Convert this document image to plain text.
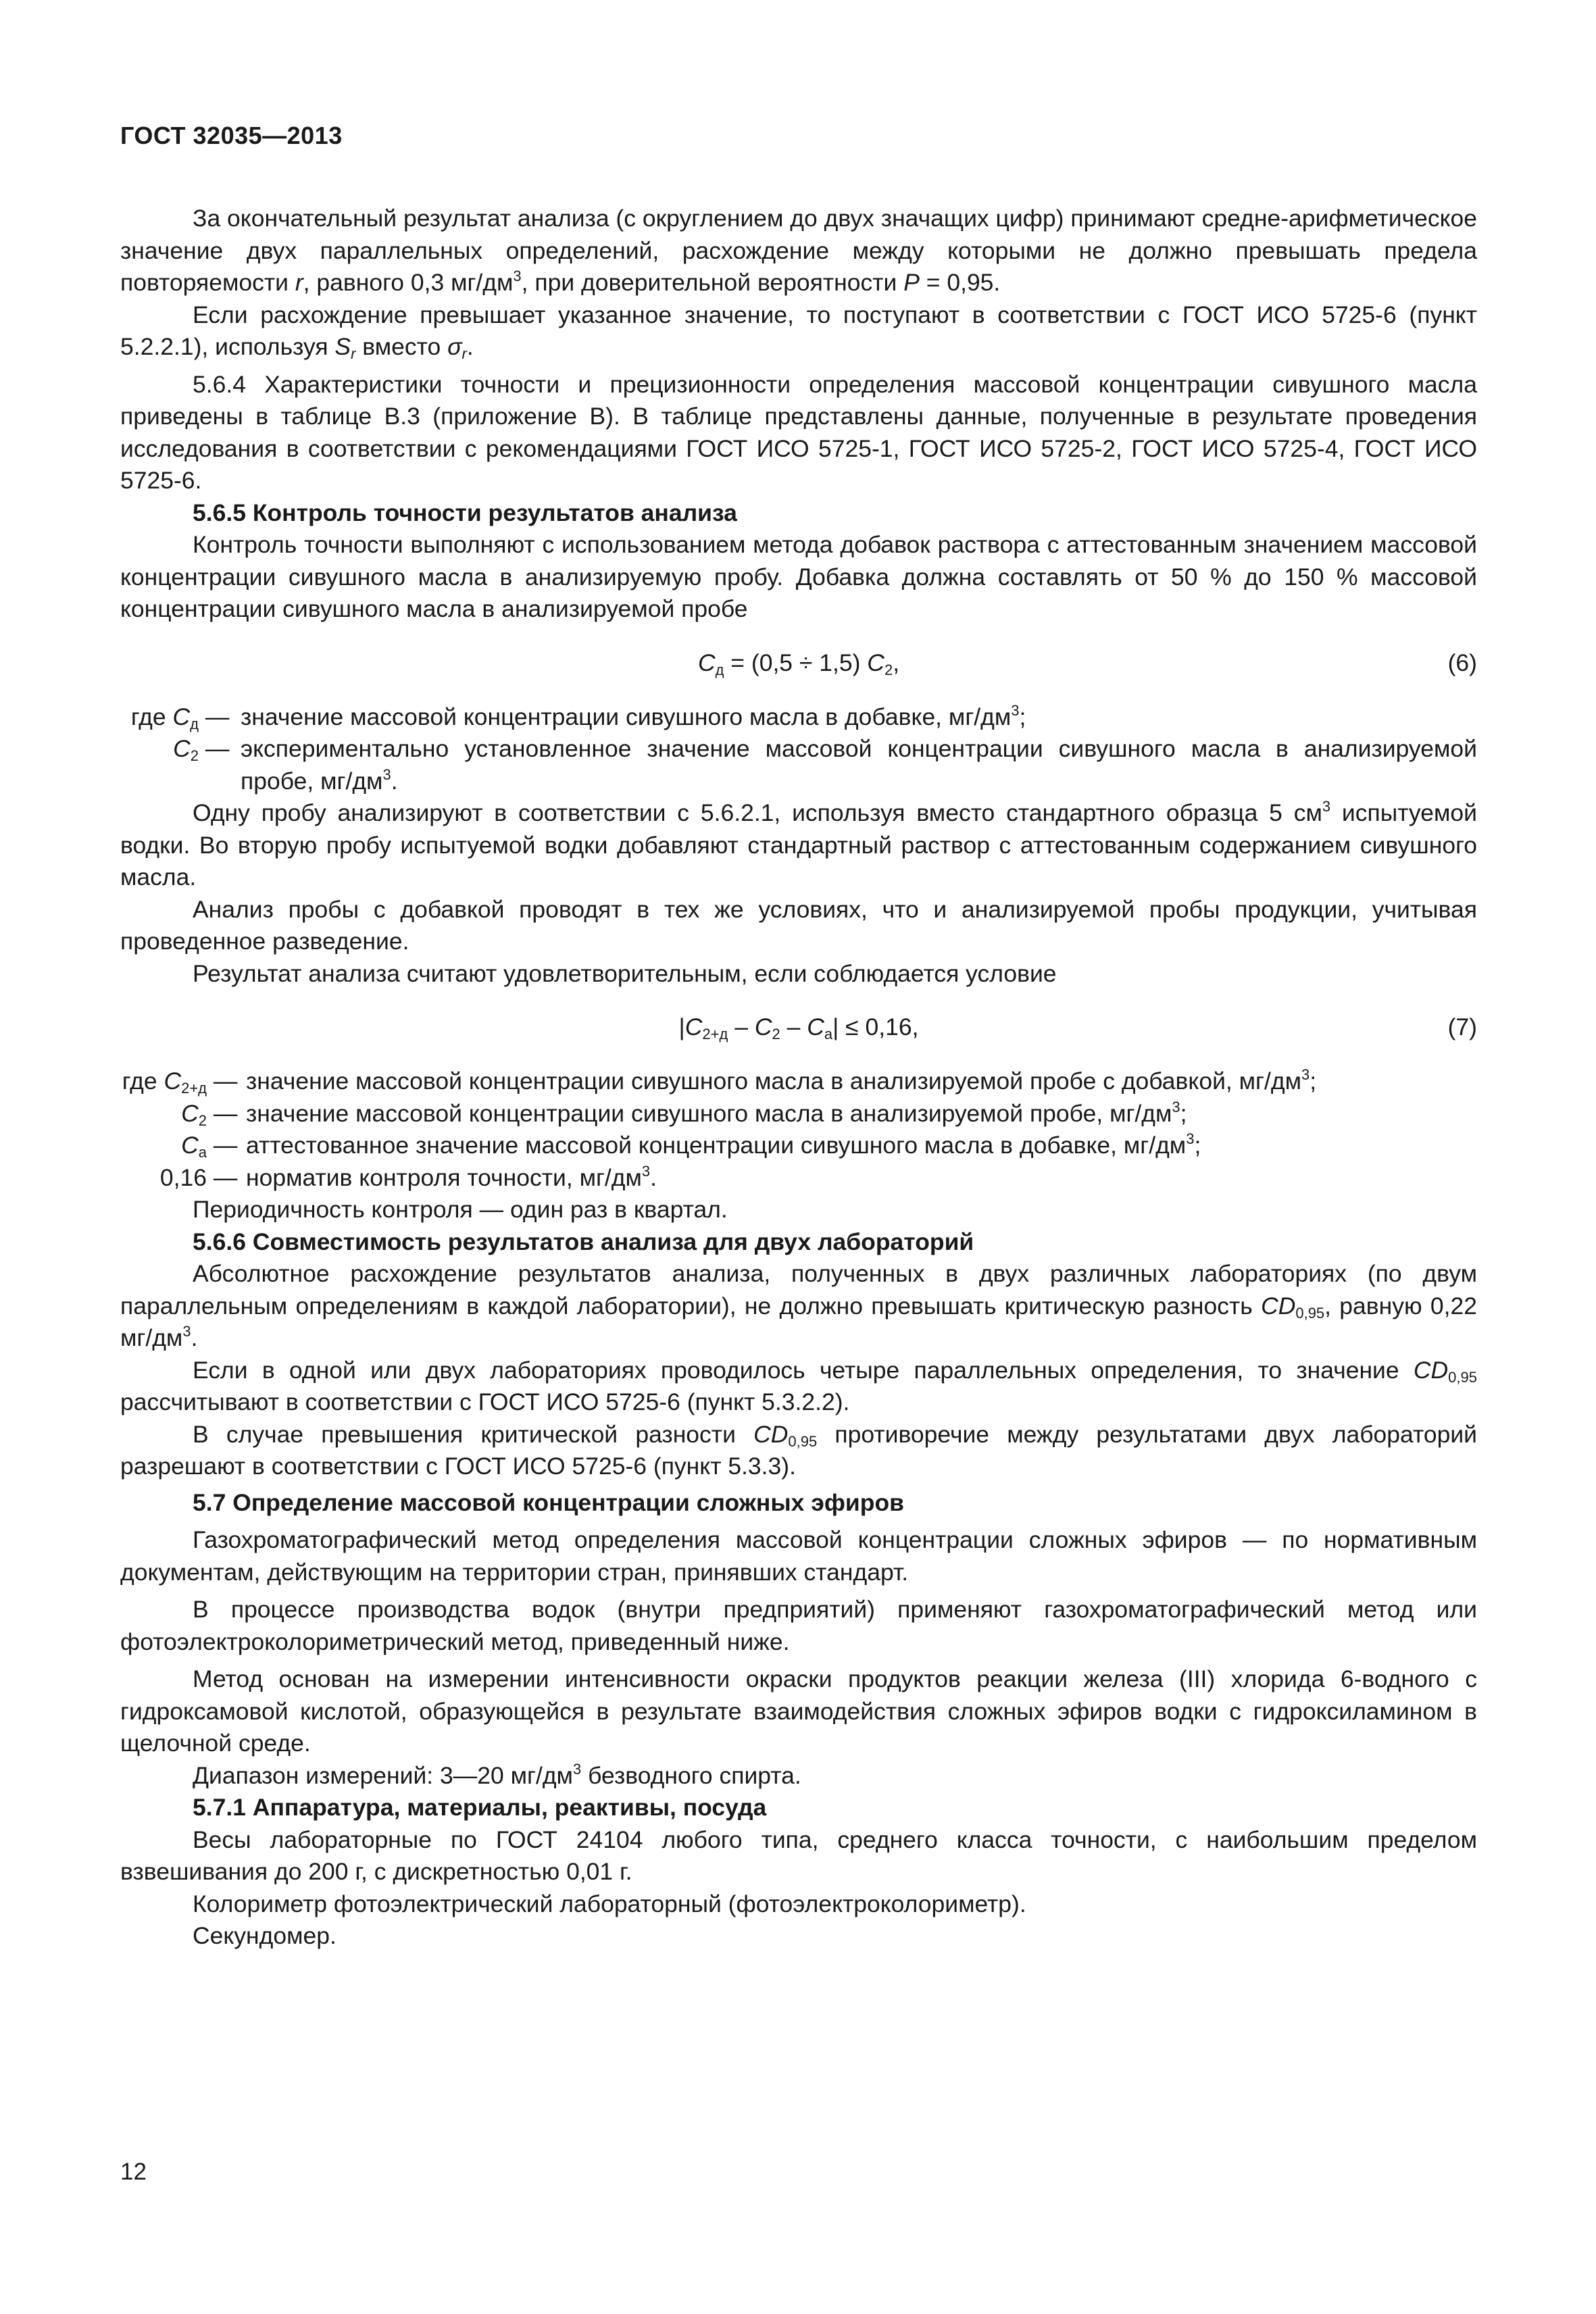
ГОСТ 32035—2013

За окончательный результат анализа (с округлением до двух значащих цифр) принимают средне-арифметическое значение двух параллельных определений, расхождение между которыми не должно превышать предела повторяемости r, равного 0,3 $мг/дм^3$, при доверительной вероятности P = 0,95.

Если расхождение превышает указанное значение, то поступают в соответствии с ГОСТ ИСО 5725-6 (пункт 5.2.2.1), используя $S_r$ вместо $\sigma_r$.

5.6.4 Характеристики точности и прецизионности определения массовой концентрации сивушного масла приведены в таблице В.3 (приложение В). В таблице представлены данные, полученные в результате проведения исследования в соответствии с рекомендациями ГОСТ ИСО 5725-1, ГОСТ ИСО 5725-2, ГОСТ ИСО 5725-4, ГОСТ ИСО 5725-6.

5.6.5 Контроль точности результатов анализа

Контроль точности выполняют с использованием метода добавок раствора с аттестованным значением массовой концентрации сивушного масла в анализируемую пробу. Добавка должна составлять от 50 % до 150 % массовой концентрации сивушного масла в анализируемой пробе

$C_д = (0,5 \div 1,5)$ $C_2$,	(6)
где $C_д$ — значение массовой концентрации сивушного масла в добавке, $мг/дм^3$;
$C_2$ — экспериментально установленное значение массовой концентрации сивушного масла в анализируемой пробе, $мг/дм^3$.

Одну пробу анализируют в соответствии с 5.6.2.1, используя вместо стандартного образца 5 $см^3$ испытуемой водки. Во вторую пробу испытуемой водки добавляют стандартный раствор с аттестованным содержанием сивушного масла.

Анализ пробы с добавкой проводят в тех же условиях, что и анализируемой пробы продукции, учитывая проведенное разведение.

Результат анализа считают удовлетворительным, если соблюдается условие

$|C_{2+д} - C_2 - C_а| \le 0,16$,	(7)
где $C_{2+д}$ — значение массовой концентрации сивушного масла в анализируемой пробе с добавкой, $мг/дм^3$;
$C_2$ — значение массовой концентрации сивушного масла в анализируемой пробе, $мг/дм^3$;
$C_а$ — аттестованное значение массовой концентрации сивушного масла в добавке, $мг/дм^3$;
0,16 — норматив контроля точности, $мг/дм^3$.

Периодичность контроля — один раз в квартал.

5.6.6 Совместимость результатов анализа для двух лабораторий

Абсолютное расхождение результатов анализа, полученных в двух различных лабораториях (по двум параллельным определениям в каждой лаборатории), не должно превышать критическую разность $CD_{0,95}$, равную 0,22 $мг/дм^3$.

Если в одной или двух лабораториях проводилось четыре параллельных определения, то значение $CD_{0,95}$ рассчитывают в соответствии с ГОСТ ИСО 5725-6 (пункт 5.3.2.2).

В случае превышения критической разности $CD_{0,95}$ противоречие между результатами двух лабораторий разрешают в соответствии с ГОСТ ИСО 5725-6 (пункт 5.3.3).

5.7 Определение массовой концентрации сложных эфиров

Газохроматографический метод определения массовой концентрации сложных эфиров — по нормативным документам, действующим на территории стран, принявших стандарт.

В процессе производства водок (внутри предприятий) применяют газохроматографический метод или фотоэлектроколориметрический метод, приведенный ниже.

Метод основан на измерении интенсивности окраски продуктов реакции железа (III) хлорида 6-водного с гидроксамовой кислотой, образующейся в результате взаимодействия сложных эфиров водки с гидроксиламином в щелочной среде.

Диапазон измерений: 3—20 $мг/дм^3$ безводного спирта.

5.7.1 Аппаратура, материалы, реактивы, посуда

Весы лабораторные по ГОСТ 24104 любого типа, среднего класса точности, с наибольшим пределом взвешивания до 200 г, с дискретностью 0,01 г.

Колориметр фотоэлектрический лабораторный (фотоэлектроколориметр).

Секундомер.

12
